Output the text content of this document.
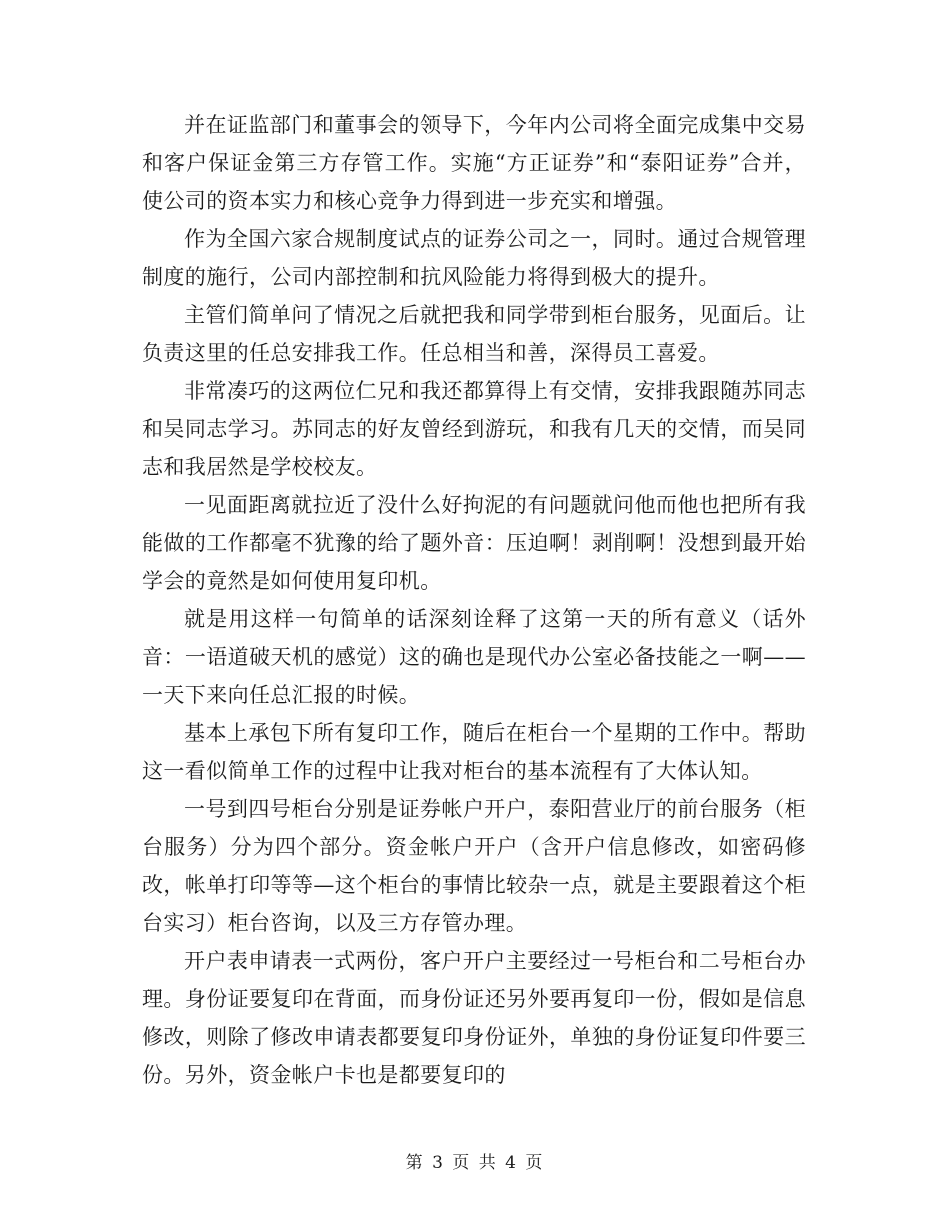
并在证监部门和董事会的领导下，今年内公司将全面完成集中交易和客户保证金第三方存管工作。实施“方正证券”和“泰阳证券”合并，使公司的资本实力和核心竞争力得到进一步充实和增强。

作为全国六家合规制度试点的证券公司之一，同时。通过合规管理制度的施行，公司内部控制和抗风险能力将得到极大的提升。

主管们简单问了情况之后就把我和同学带到柜台服务，见面后。让负责这里的任总安排我工作。任总相当和善，深得员工喜爱。

非常凑巧的这两位仁兄和我还都算得上有交情，安排我跟随苏同志和吴同志学习。苏同志的好友曾经到游玩，和我有几天的交情，而吴同志和我居然是学校校友。

一见面距离就拉近了没什么好拘泥的有问题就问他而他也把所有我能做的工作都毫不犹豫的给了题外音：压迫啊！剥削啊！没想到最开始学会的竟然是如何使用复印机。

就是用这样一句简单的话深刻诠释了这第一天的所有意义（话外音：一语道破天机的感觉）这的确也是现代办公室必备技能之一啊——一天下来向任总汇报的时候。

基本上承包下所有复印工作，随后在柜台一个星期的工作中。帮助这一看似简单工作的过程中让我对柜台的基本流程有了大体认知。

一号到四号柜台分别是证券帐户开户，泰阳营业厅的前台服务（柜台服务）分为四个部分。资金帐户开户（含开户信息修改，如密码修改，帐单打印等等—这个柜台的事情比较杂一点，就是主要跟着这个柜台实习）柜台咨询，以及三方存管办理。

开户表申请表一式两份，客户开户主要经过一号柜台和二号柜台办理。身份证要复印在背面，而身份证还另外要再复印一份，假如是信息修改，则除了修改申请表都要复印身份证外，单独的身份证复印件要三份。另外，资金帐户卡也是都要复印的

第 3 页 共 4 页
